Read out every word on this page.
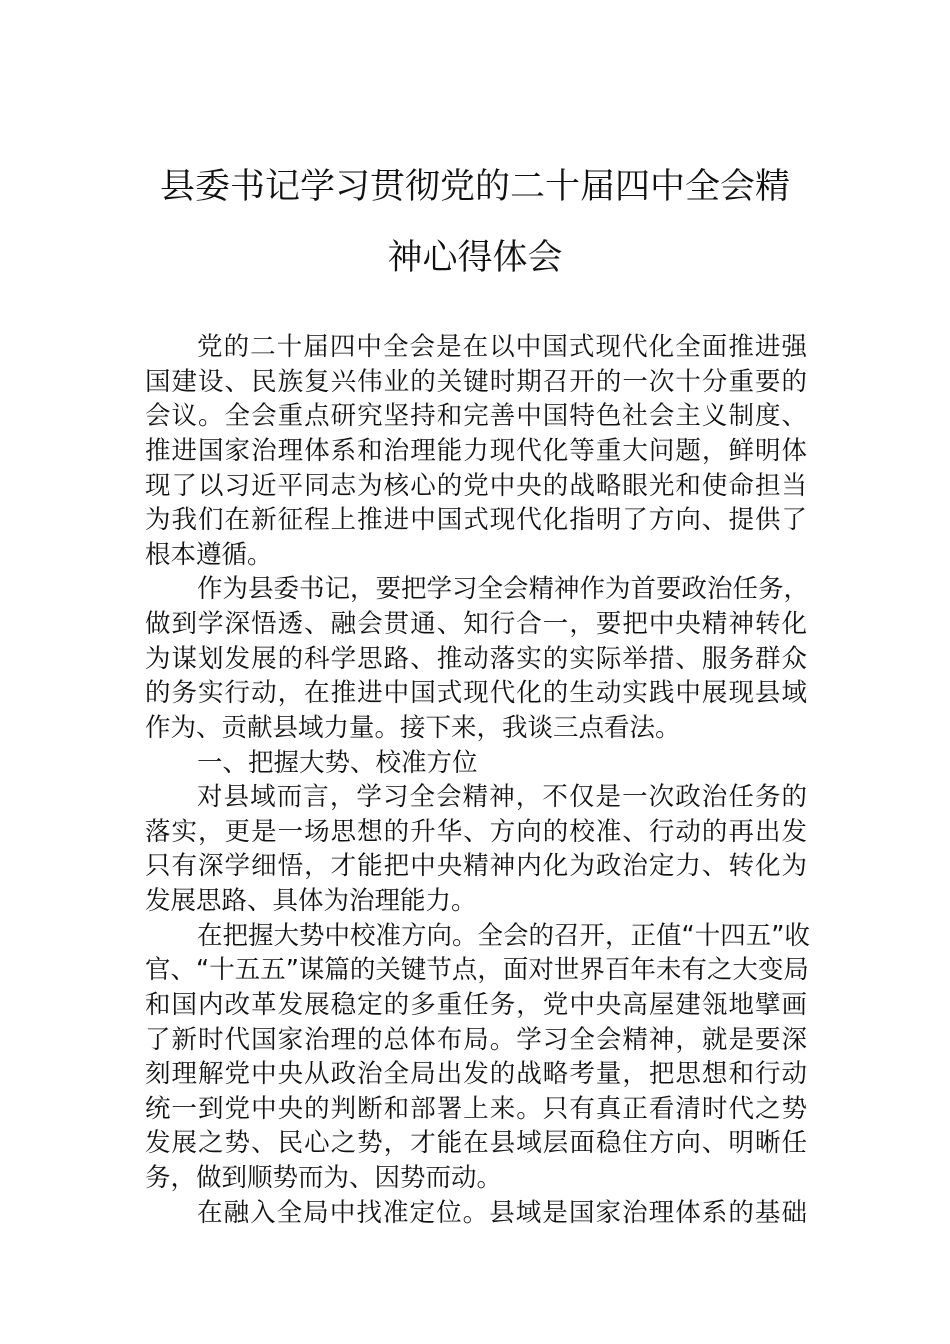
县委书记学习贯彻党的二十届四中全会精
神心得体会
党的二十届四中全会是在以中国式现代化全面推进强
国建设、民族复兴伟业的关键时期召开的一次十分重要的
会议。全会重点研究坚持和完善中国特色社会主义制度、
推进国家治理体系和治理能力现代化等重大问题，鲜明体
现了以习近平同志为核心的党中央的战略眼光和使命担当
为我们在新征程上推进中国式现代化指明了方向、提供了
根本遵循。
作为县委书记，要把学习全会精神作为首要政治任务，
做到学深悟透、融会贯通、知行合一，要把中央精神转化
为谋划发展的科学思路、推动落实的实际举措、服务群众
的务实行动，在推进中国式现代化的生动实践中展现县域
作为、贡献县域力量。接下来，我谈三点看法。
一、把握大势、校准方位
对县域而言，学习全会精神，不仅是一次政治任务的
落实，更是一场思想的升华、方向的校准、行动的再出发
只有深学细悟，才能把中央精神内化为政治定力、转化为
发展思路、具体为治理能力。
在把握大势中校准方向。全会的召开，正值“十四五”收
官、“十五五”谋篇的关键节点，面对世界百年未有之大变局
和国内改革发展稳定的多重任务，党中央高屋建瓴地擘画
了新时代国家治理的总体布局。学习全会精神，就是要深
刻理解党中央从政治全局出发的战略考量，把思想和行动
统一到党中央的判断和部署上来。只有真正看清时代之势
发展之势、民心之势，才能在县域层面稳住方向、明晰任
务，做到顺势而为、因势而动。
在融入全局中找准定位。县域是国家治理体系的基础
